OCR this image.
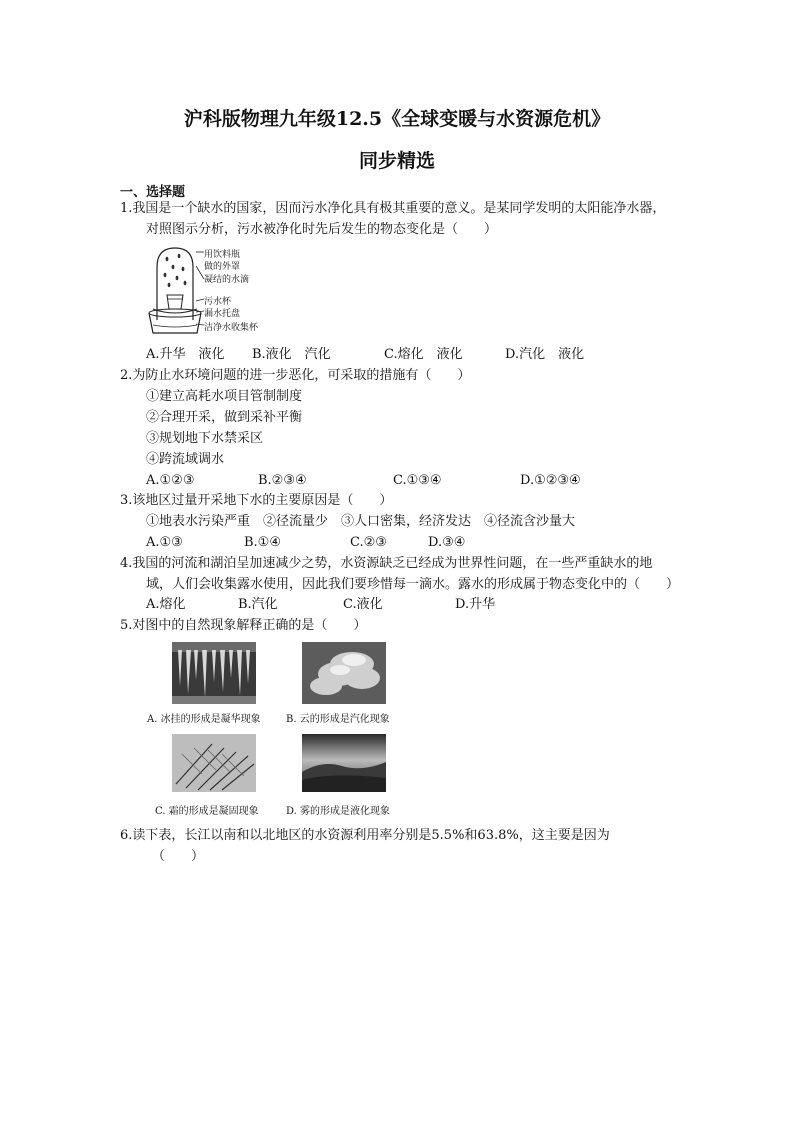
沪科版物理九年级12.5《全球变暖与水资源危机》
同步精选
一、选择题
1.我国是一个缺水的国家，因而污水净化具有极其重要的意义。是某同学发明的太阳能净水器，
对照图示分析，污水被净化时先后发生的物态变化是（　　）
用饮料瓶
做的外罩
凝结的水滴
污水杯
漏水托盘
洁净水收集杯
A.升华　液化 B.液化　汽化	C.熔化　液化	D.汽化　液化
2.为防止水环境问题的进一步恶化，可采取的措施有（　　）
①建立高耗水项目管制制度
②合理开采，做到采补平衡
③规划地下水禁采区
④跨流域调水
A.①②③	B.②③④	C.①③④	D.①②③④
3.该地区过量开采地下水的主要原因是（　　）
①地表水污染严重　②径流量少　③人口密集，经济发达　④径流含沙量大
A.①③	B.①④	C.②③	D.③④
4.我国的河流和湖泊呈加速减少之势，水资源缺乏已经成为世界性问题，在一些严重缺水的地
域，人们会收集露水使用，因此我们要珍惜每一滴水。露水的形成属于物态变化中的（　　）
A.熔化	B.汽化	C.液化	D.升华
5.对图中的自然现象解释正确的是（　　）
A. 冰挂的形成是凝华现象	B. 云的形成是汽化现象
C. 霜的形成是凝固现象	D. 雾的形成是液化现象
6.读下表，长江以南和以北地区的水资源利用率分别是5.5%和63.8%，这主要是因为
（　　）
